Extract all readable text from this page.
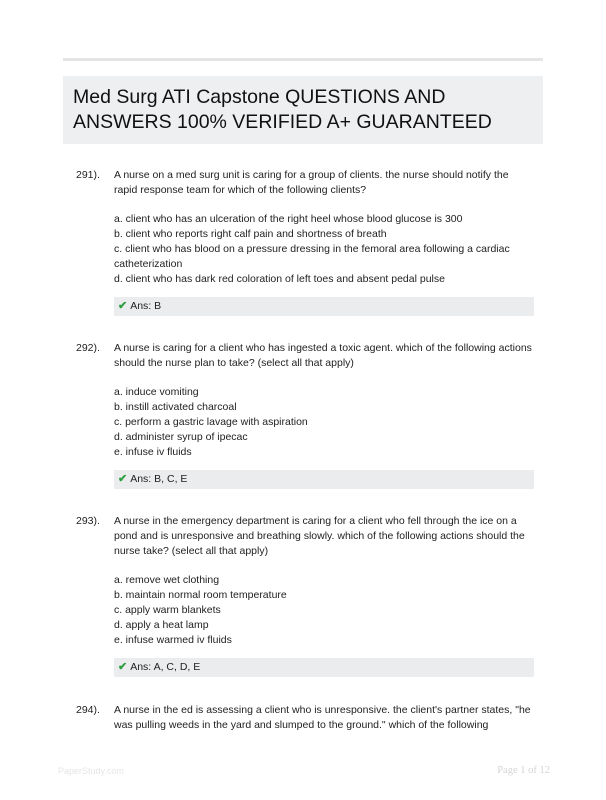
Med Surg ATI Capstone QUESTIONS AND ANSWERS 100% VERIFIED A+ GUARANTEED
291). A nurse on a med surg unit is caring for a group of clients. the nurse should notify the rapid response team for which of the following clients?

a. client who has an ulceration of the right heel whose blood glucose is 300
b. client who reports right calf pain and shortness of breath
c. client who has blood on a pressure dressing in the femoral area following a cardiac catheterization
d. client who has dark red coloration of left toes and absent pedal pulse
✔ Ans: B
292). A nurse is caring for a client who has ingested a toxic agent. which of the following actions should the nurse plan to take? (select all that apply)

a. induce vomiting
b. instill activated charcoal
c. perform a gastric lavage with aspiration
d. administer syrup of ipecac
e. infuse iv fluids
✔ Ans: B, C, E
293). A nurse in the emergency department is caring for a client who fell through the ice on a pond and is unresponsive and breathing slowly. which of the following actions should the nurse take? (select all that apply)

a. remove wet clothing
b. maintain normal room temperature
c. apply warm blankets
d. apply a heat lamp
e. infuse warmed iv fluids
✔ Ans: A, C, D, E
294). A nurse in the ed is assessing a client who is unresponsive. the client's partner states, "he was pulling weeds in the yard and slumped to the ground." which of the following

PaperStudy.com	Page 1 of 12
